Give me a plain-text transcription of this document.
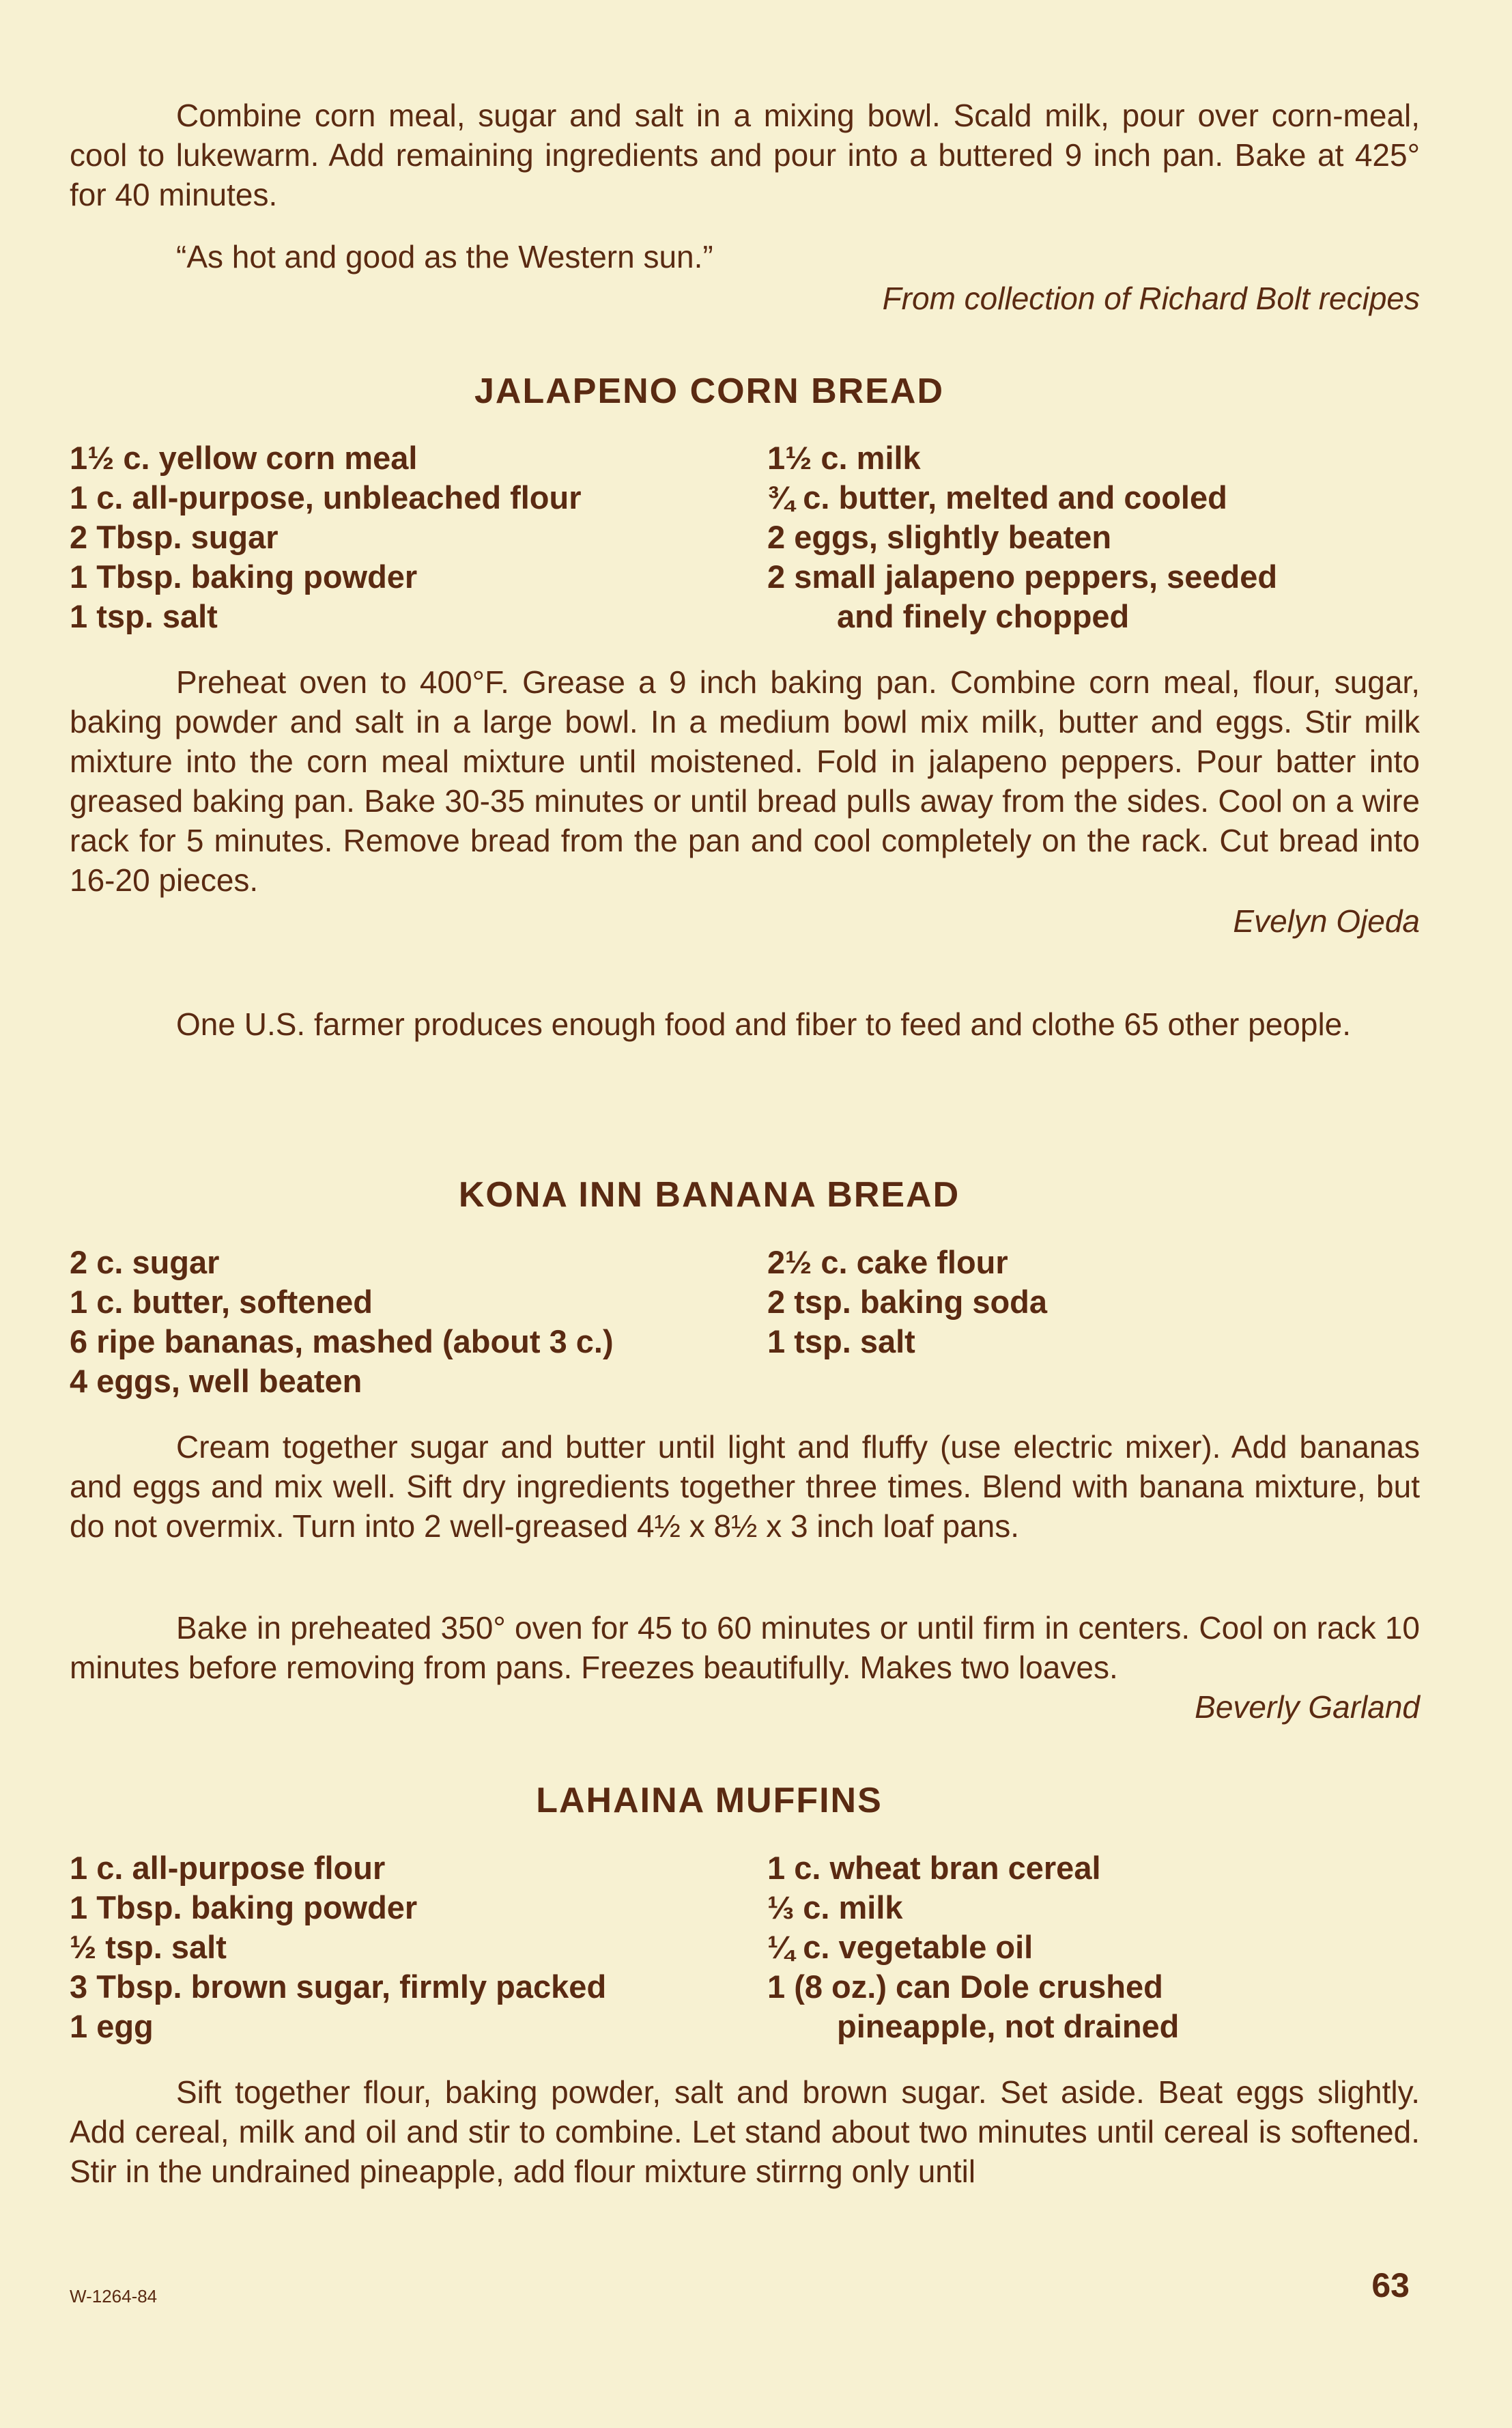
Combine corn meal, sugar and salt in a mixing bowl. Scald milk, pour over corn-meal, cool to lukewarm. Add remaining ingredients and pour into a buttered 9 inch pan. Bake at 425° for 40 minutes.

“As hot and good as the Western sun.”

From collection of Richard Bolt recipes

JALAPENO CORN BREAD
1½ c. yellow corn meal
1 c. all-purpose, unbleached flour
2 Tbsp. sugar
1 Tbsp. baking powder
1 tsp. salt
1½ c. milk
¾ c. butter, melted and cooled
2 eggs, slightly beaten
2 small jalapeno peppers, seeded
and finely chopped

Preheat oven to 400°F. Grease a 9 inch baking pan. Combine corn meal, flour, sugar, baking powder and salt in a large bowl. In a medium bowl mix milk, butter and eggs. Stir milk mixture into the corn meal mixture until moistened. Fold in jalapeno peppers. Pour batter into greased baking pan. Bake 30-35 minutes or until bread pulls away from the sides. Cool on a wire rack for 5 minutes. Remove bread from the pan and cool completely on the rack. Cut bread into 16-20 pieces.

Evelyn Ojeda

One U.S. farmer produces enough food and fiber to feed and clothe 65 other people.

KONA INN BANANA BREAD
2 c. sugar
1 c. butter, softened
6 ripe bananas, mashed (about 3 c.)
4 eggs, well beaten
2½ c. cake flour
2 tsp. baking soda
1 tsp. salt

Cream together sugar and butter until light and fluffy (use electric mixer). Add bananas and eggs and mix well. Sift dry ingredients together three times. Blend with banana mixture, but do not overmix. Turn into 2 well-greased 4½ x 8½ x 3 inch loaf pans.

Bake in preheated 350° oven for 45 to 60 minutes or until firm in centers. Cool on rack 10 minutes before removing from pans. Freezes beautifully. Makes two loaves.

Beverly Garland

LAHAINA MUFFINS
1 c. all-purpose flour
1 Tbsp. baking powder
½ tsp. salt
3 Tbsp. brown sugar, firmly packed
1 egg
1 c. wheat bran cereal
⅓ c. milk
¼ c. vegetable oil
1 (8 oz.) can Dole crushed
pineapple, not drained

Sift together flour, baking powder, salt and brown sugar. Set aside. Beat eggs slightly. Add cereal, milk and oil and stir to combine. Let stand about two minutes until cereal is softened. Stir in the undrained pineapple, add flour mixture stirrng only until

W-1264-84	63
